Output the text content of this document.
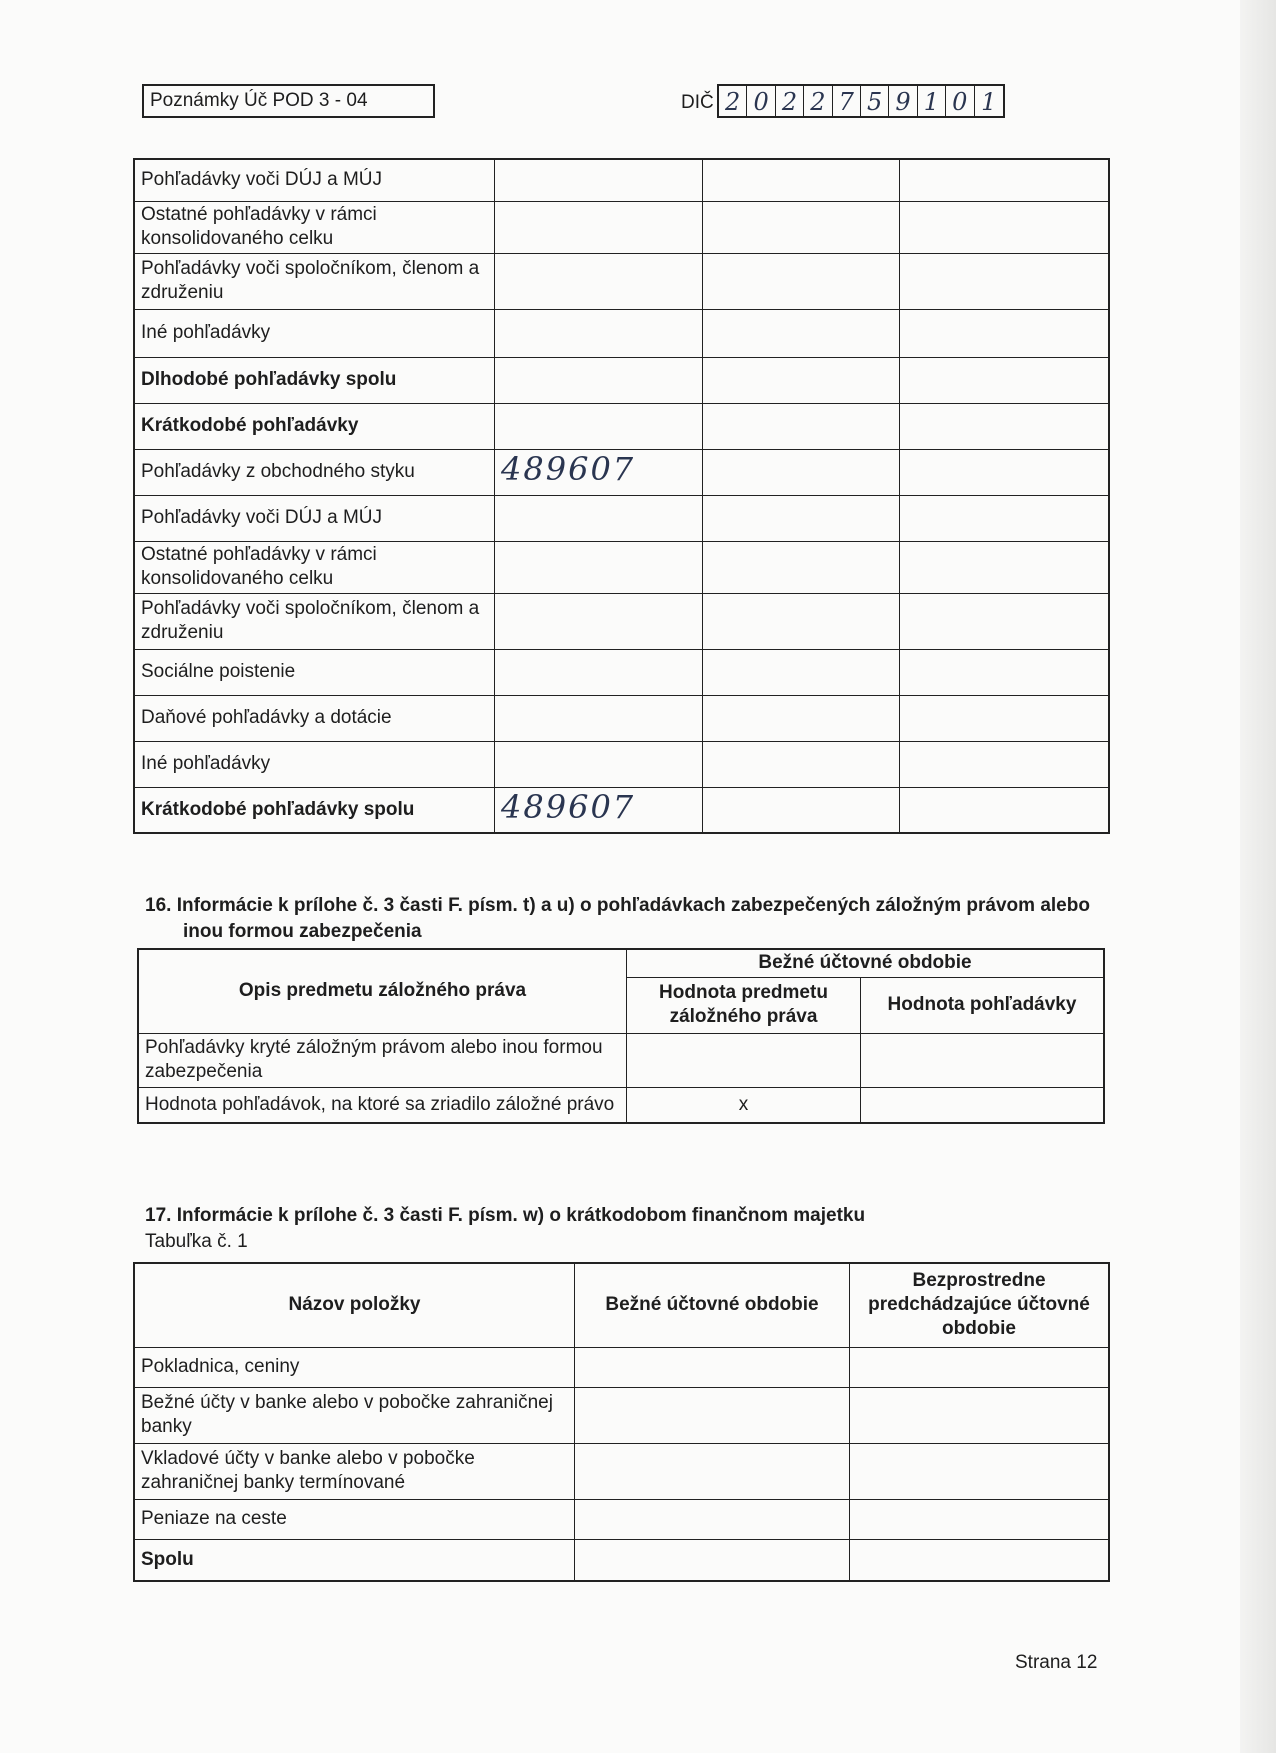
Poznámky Úč POD 3 - 04	DIČ 2 0 2 2 7 5 9 1 0 1
Pohľadávky voči DÚJ a MÚJ			
Ostatné pohľadávky v rámci konsolidovaného celku			
Pohľadávky voči spoločníkom, členom a združeniu			
Iné pohľadávky			
Dlhodobé pohľadávky spolu			
Krátkodobé pohľadávky			
Pohľadávky z obchodného styku	489607		
Pohľadávky voči DÚJ a MÚJ			
Ostatné pohľadávky v rámci konsolidovaného celku			
Pohľadávky voči spoločníkom, členom a združeniu			
Sociálne poistenie			
Daňové pohľadávky a dotácie			
Iné pohľadávky			
Krátkodobé pohľadávky spolu	489607		
16. Informácie k prílohe č. 3 časti F. písm. t) a u) o pohľadávkach zabezpečených záložným právom alebo
inou formou zabezpečenia
Opis predmetu záložného práva	Bežné účtovné obdobie	
	Hodnota predmetu záložného práva	Hodnota pohľadávky
Pohľadávky kryté záložným právom alebo inou formou zabezpečenia		
Hodnota pohľadávok, na ktoré sa zriadilo záložné právo	x	
17. Informácie k prílohe č. 3 časti F. písm. w) o krátkodobom finančnom majetku
Tabuľka č. 1
Názov položky	Bežné účtovné obdobie	Bezprostredne predchádzajúce účtovné obdobie
Pokladnica, ceniny		
Bežné účty v banke alebo v pobočke zahraničnej banky		
Vkladové účty v banke alebo v pobočke zahraničnej banky termínované		
Peniaze na ceste		
Spolu		
Strana 12
